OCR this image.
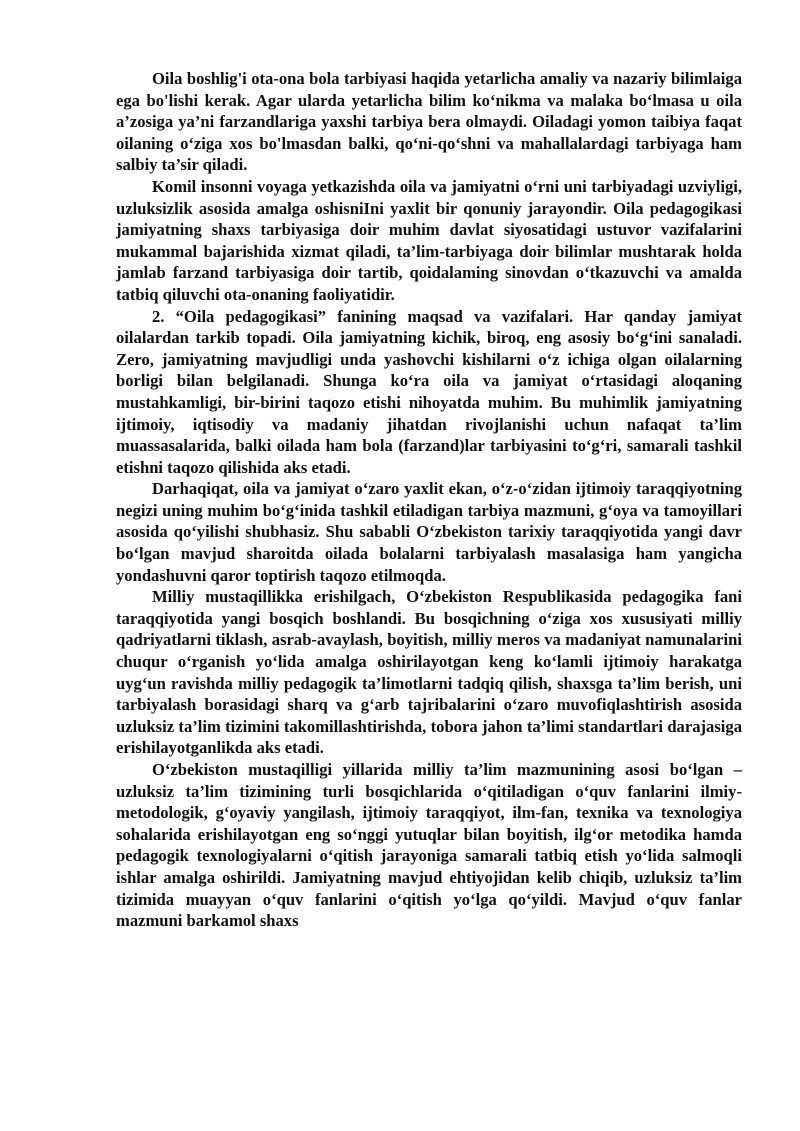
Oila boshlig'i ota-ona bola tarbiyasi haqida yetarlicha amaliy va nazariy bilimlaiga ega bo'lishi kerak. Agar ularda yetarlicha bilim ko‘nikma va malaka bo‘lmasa u oila a’zosiga ya’ni farzandlariga yaxshi tarbiya bera olmaydi. Oiladagi yomon taibiya faqat oilaning o‘ziga xos bo'lmasdan balki, qo‘ni-qo‘shni va mahallalardagi tarbiyaga ham salbiy ta’sir qiladi.

Komil insonni voyaga yetkazishda oila va jamiyatni o‘rni uni tarbiyadagi uzviyligi, uzluksizlik asosida amalga oshisniIni yaxlit bir qonuniy jarayondir. Oila pedagogikasi jamiyatning shaxs tarbiyasiga doir muhim davlat siyosatidagi ustuvor vazifalarini mukammal bajarishida xizmat qiladi, ta’lim-tarbiyaga doir bilimlar mushtarak holda jamlab farzand tarbiyasiga doir tartib, qoidalaming sinovdan o‘tkazuvchi va amalda tatbiq qiluvchi ota-onaning faoliyatidir.

2. “Oila pedagogikasi” fanining maqsad va vazifalari. Har qanday jamiyat oilalardan tarkib topadi. Oila jamiyatning kichik, biroq, eng asosiy bo‘g‘ini sanaladi. Zero, jamiyatning mavjudligi unda yashovchi kishilarni o‘z ichiga olgan oilalarning borligi bilan belgilanadi. Shunga ko‘ra oila va jamiyat o‘rtasidagi aloqaning mustahkamligi, bir-birini taqozo etishi nihoyatda muhim. Bu muhimlik jamiyatning ijtimoiy, iqtisodiy va madaniy jihatdan rivojlanishi uchun nafaqat ta’lim muassasalarida, balki oilada ham bola (farzand)lar tarbiyasini to‘g‘ri, samarali tashkil etishni taqozo qilishida aks etadi.

Darhaqiqat, oila va jamiyat o‘zaro yaxlit ekan, o‘z-o‘zidan ijtimoiy taraqqiyotning negizi uning muhim bo‘g‘inida tashkil etiladigan tarbiya mazmuni, g‘oya va tamoyillari asosida qo‘yilishi shubhasiz. Shu sababli O‘zbekiston tarixiy taraqqiyotida yangi davr bo‘lgan mavjud sharoitda oilada bolalarni tarbiyalash masalasiga ham yangicha yondashuvni qaror toptirish taqozo etilmoqda.

Milliy mustaqillikka erishilgach, O‘zbekiston Respublikasida pedagogika fani taraqqiyotida yangi bosqich boshlandi. Bu bosqichning o‘ziga xos xususiyati milliy qadriyatlarni tiklash, asrab-avaylash, boyitish, milliy meros va madaniyat namunalarini chuqur o‘rganish yo‘lida amalga oshirilayotgan keng ko‘lamli ijtimoiy harakatga uyg‘un ravishda milliy pedagogik ta’limotlarni tadqiq qilish, shaxsga ta’lim berish, uni tarbiyalash borasidagi sharq va g‘arb tajribalarini o‘zaro muvofiqlashtirish asosida uzluksiz ta’lim tizimini takomillashtirishda, tobora jahon ta’limi standartlari darajasiga erishilayotganlikda aks etadi.

O‘zbekiston mustaqilligi yillarida milliy ta’lim mazmunining asosi bo‘lgan – uzluksiz ta’lim tizimining turli bosqichlarida o‘qitiladigan o‘quv fanlarini ilmiy-metodologik, g‘oyaviy yangilash, ijtimoiy taraqqiyot, ilm-fan, texnika va texnologiya sohalarida erishilayotgan eng so‘nggi yutuqlar bilan boyitish, ilg‘or metodika hamda pedagogik texnologiyalarni o‘qitish jarayoniga samarali tatbiq etish yo‘lida salmoqli ishlar amalga oshirildi. Jamiyatning mavjud ehtiyojidan kelib chiqib, uzluksiz ta’lim tizimida muayyan o‘quv fanlarini o‘qitish yo‘lga qo‘yildi. Mavjud o‘quv fanlar mazmuni barkamol shaxs
